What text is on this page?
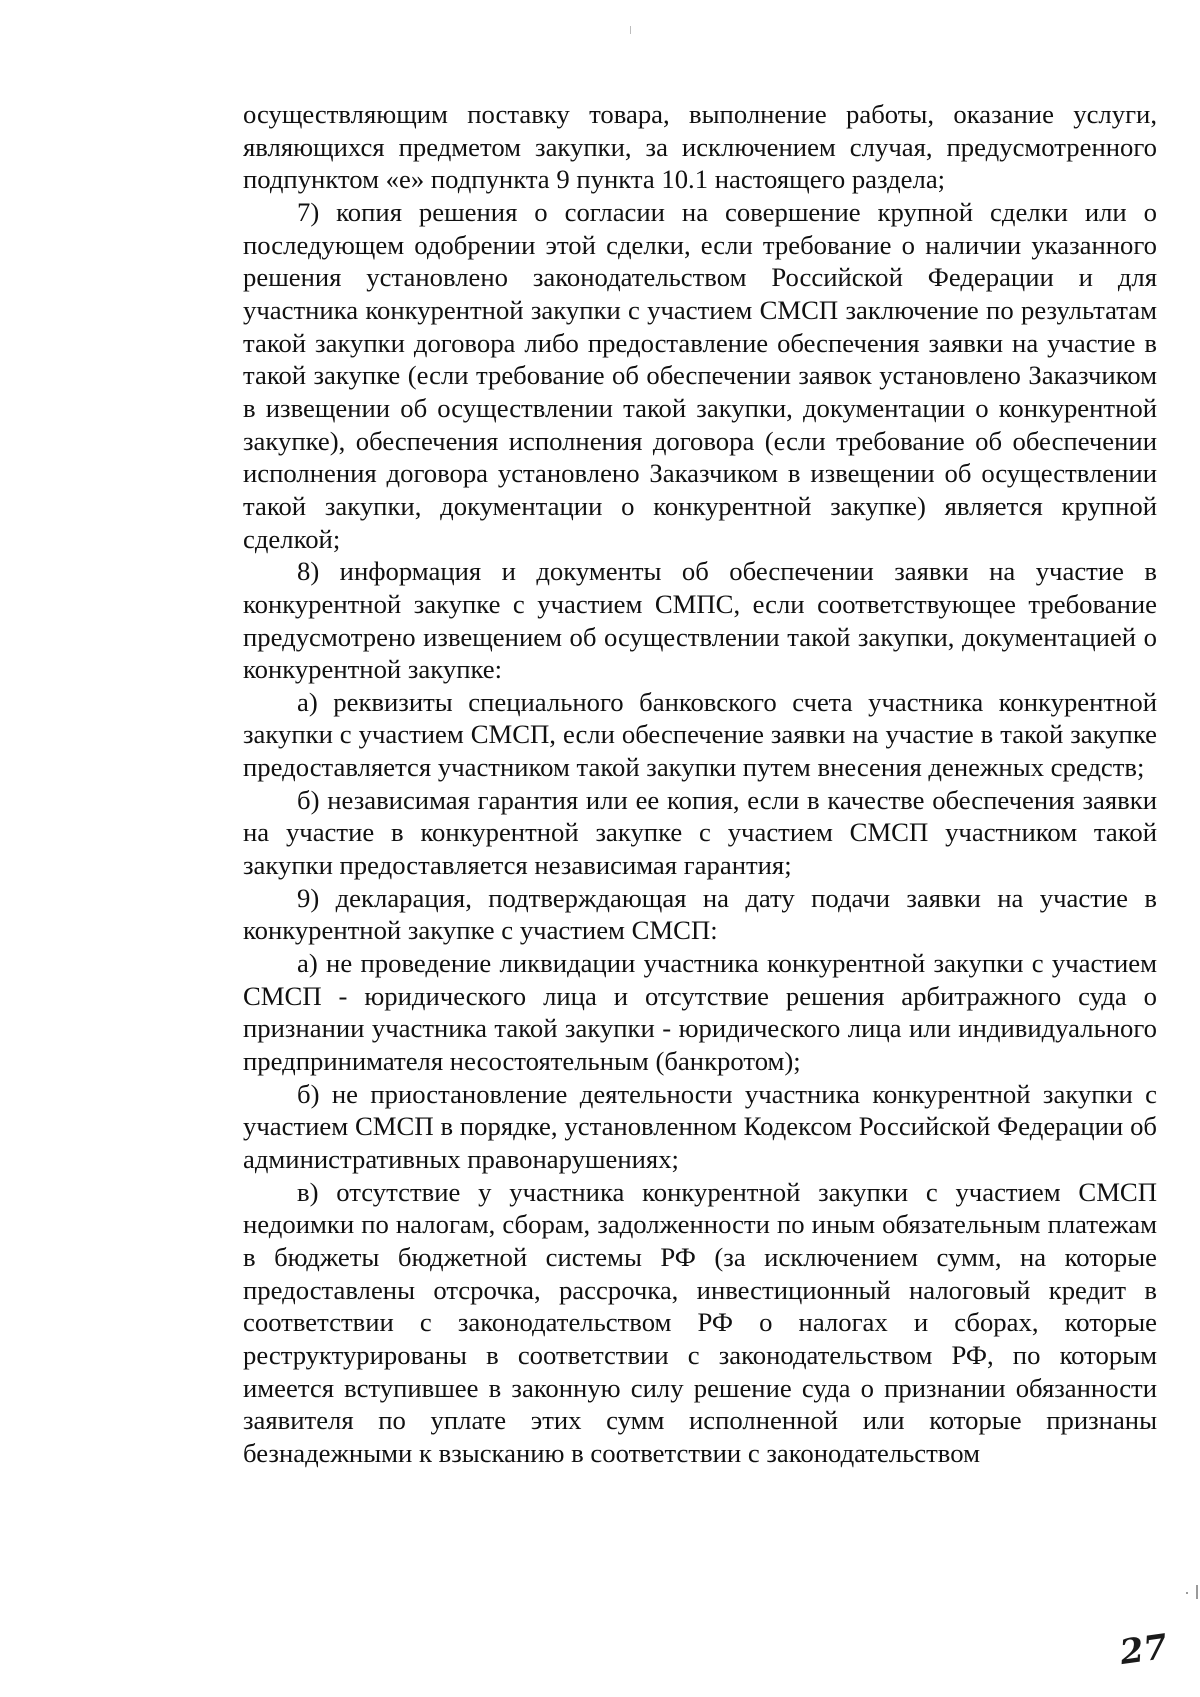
осуществляющим поставку товара, выполнение работы, оказание услуги, являющихся предметом закупки, за исключением случая, предусмотренного подпунктом «е» подпункта 9 пункта 10.1 настоящего раздела;

7) копия решения о согласии на совершение крупной сделки или о последующем одобрении этой сделки, если требование о наличии указанного решения установлено законодательством Российской Федерации и для участника конкурентной закупки с участием СМСП заключение по результатам такой закупки договора либо предоставление обеспечения заявки на участие в такой закупке (если требование об обеспечении заявок установлено Заказчиком в извещении об осуществлении такой закупки, документации о конкурентной закупке), обеспечения исполнения договора (если требование об обеспечении исполнения договора установлено Заказчиком в извещении об осуществлении такой закупки, документации о конкурентной закупке) является крупной сделкой;

8) информация и документы об обеспечении заявки на участие в конкурентной закупке с участием СМПС, если соответствующее требование предусмотрено извещением об осуществлении такой закупки, документацией о конкурентной закупке:

а) реквизиты специального банковского счета участника конкурентной закупки с участием СМСП, если обеспечение заявки на участие в такой закупке предоставляется участником такой закупки путем внесения денежных средств;

б) независимая гарантия или ее копия, если в качестве обеспечения заявки на участие в конкурентной закупке с участием СМСП участником такой закупки предоставляется независимая гарантия;

9) декларация, подтверждающая на дату подачи заявки на участие в конкурентной закупке с участием СМСП:

а) не проведение ликвидации участника конкурентной закупки с участием СМСП - юридического лица и отсутствие решения арбитражного суда о признании участника такой закупки - юридического лица или индивидуального предпринимателя несостоятельным (банкротом);

б) не приостановление деятельности участника конкурентной закупки с участием СМСП в порядке, установленном Кодексом Российской Федерации об административных правонарушениях;

в) отсутствие у участника конкурентной закупки с участием СМСП недоимки по налогам, сборам, задолженности по иным обязательным платежам в бюджеты бюджетной системы РФ (за исключением сумм, на которые предоставлены отсрочка, рассрочка, инвестиционный налоговый кредит в соответствии с законодательством РФ о налогах и сборах, которые реструктурированы в соответствии с законодательством РФ, по которым имеется вступившее в законную силу решение суда о признании обязанности заявителя по уплате этих сумм исполненной или которые признаны безнадежными к взысканию в соответствии с законодательством

27
